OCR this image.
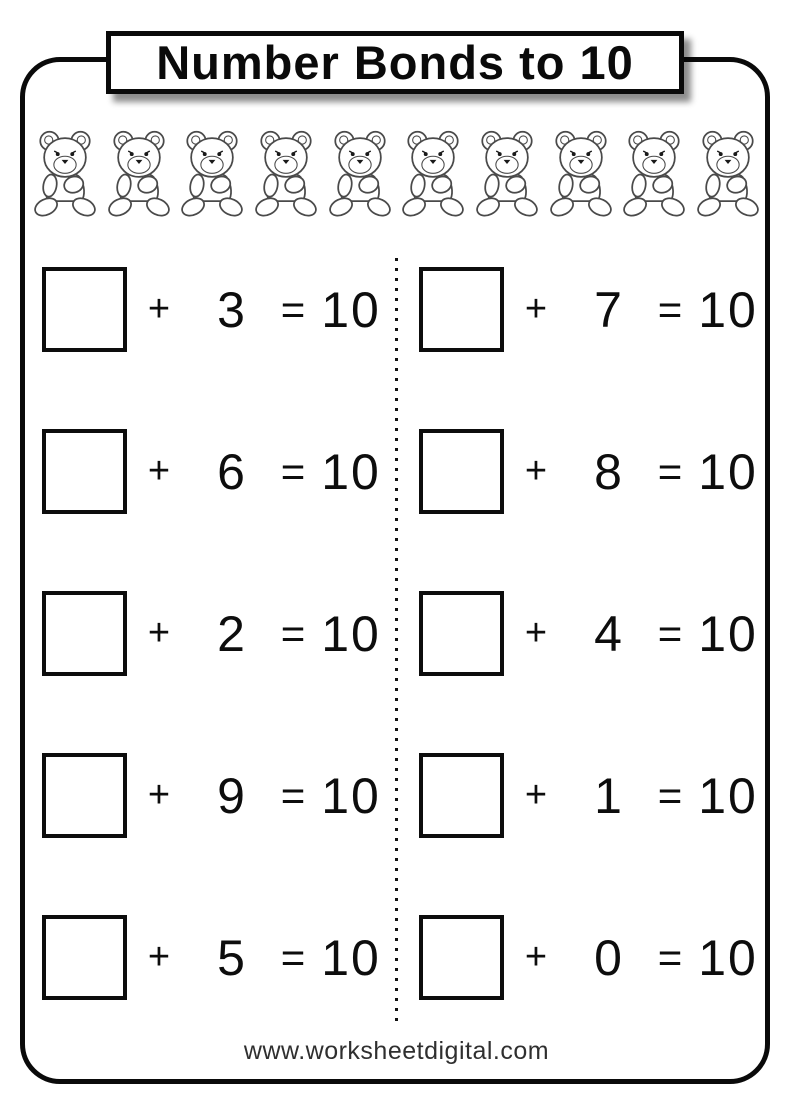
Number Bonds to 10
+ 3 = 10
+ 6 = 10
+ 2 = 10
+ 9 = 10
+ 5 = 10
+ 7 = 10
+ 8 = 10
+ 4 = 10
+ 1 = 10
+ 0 = 10
www.worksheetdigital.com
